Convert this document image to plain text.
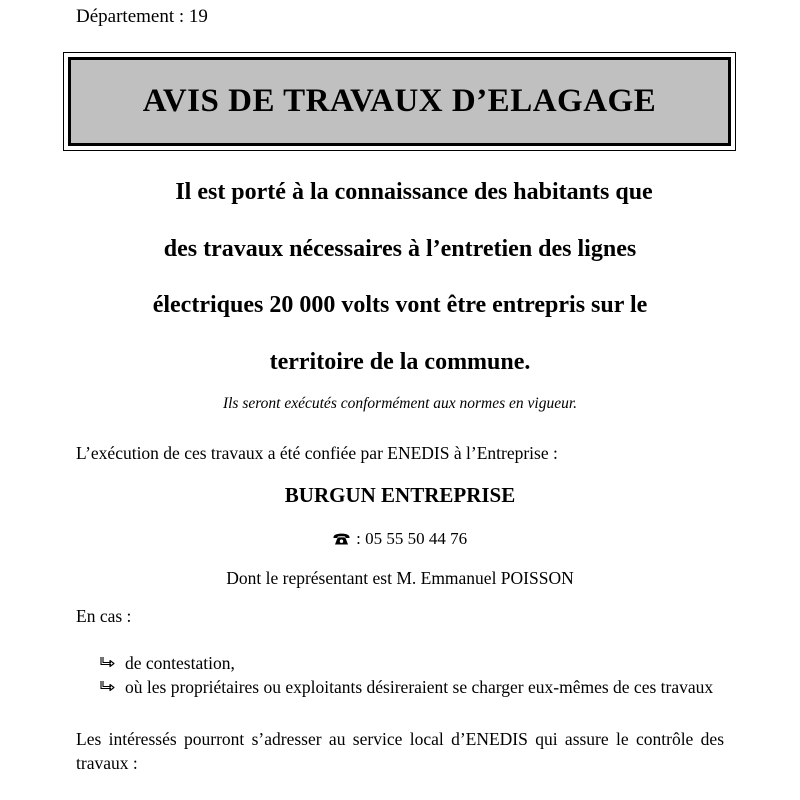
Département : 19
AVIS DE TRAVAUX D’ELAGAGE
Il est porté à la connaissance des habitants que
des travaux nécessaires à l’entretien des lignes
électriques 20 000 volts vont être entrepris sur le
territoire de la commune.
Ils seront exécutés conformément aux normes en vigueur.
L’exécution de ces travaux a été confiée par ENEDIS à l’Entreprise :
BURGUN ENTREPRISE
: 05 55 50 44 76
Dont le représentant est M. Emmanuel POISSON
En cas :
de contestation,
où les propriétaires ou exploitants désireraient se charger eux-mêmes de ces travaux
Les intéressés pourront s’adresser au service local d’ENEDIS qui assure le contrôle des travaux :
